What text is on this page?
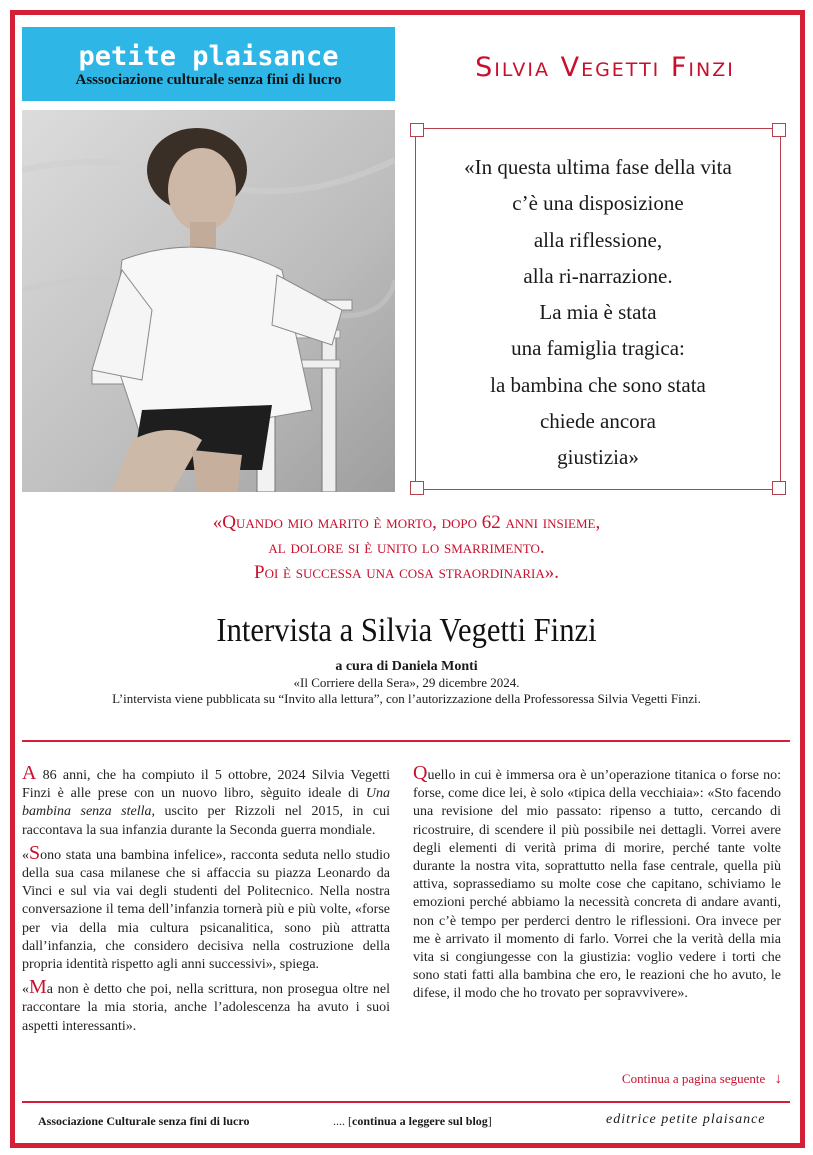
petite plaisance
Asssociazione culturale senza fini di lucro	Silvia Vegetti Finzi
«In questa ultima fase della vita
c’è una disposizione
alla riflessione,
alla ri-narrazione.
La mia è stata
una famiglia tragica:
la bambina che sono stata
chiede ancora
giustizia»
«Quando mio marito è morto, dopo 62 anni insieme,
al dolore si è unito lo smarrimento.
Poi è successa una cosa straordinaria».
Intervista a Silvia Vegetti Finzi
a cura di Daniela Monti
«Il Corriere della Sera», 29 dicembre 2024.
L’intervista viene pubblicata su “Invito alla lettura”, con l’autorizzazione della Professoressa Silvia Vegetti Finzi.

A 86 anni, che ha compiuto il 5 ottobre, 2024 Silvia Vegetti Finzi è alle prese con un nuovo libro, sèguito ideale di Una bambina senza stella, uscito per Rizzoli nel 2015, in cui raccontava la sua infanzia durante la Seconda guerra mondiale.

«Sono stata una bambina infelice», racconta seduta nello studio della sua casa milanese che si affaccia su piazza Leonardo da Vinci e sul via vai degli studenti del Politecnico. Nella nostra conversazione il tema dell’infanzia tornerà più e più volte, «forse per via della mia cultura psicanalitica, sono più attratta dall’infanzia, che considero decisiva nella costruzione della propria identità rispetto agli anni successivi», spiega.

«Ma non è detto che poi, nella scrittura, non prosegua oltre nel raccontare la mia storia, anche l’adolescenza ha avuto i suoi aspetti interessanti».

Quello in cui è immersa ora è un’operazione titanica o forse no: forse, come dice lei, è solo «tipica della vecchiaia»: «Sto facendo una revisione del mio passato: ripenso a tutto, cercando di ricostruire, di scendere il più possibile nei dettagli. Vorrei avere degli elementi di verità prima di morire, perché tante volte durante la nostra vita, soprattutto nella fase centrale, quella più attiva, soprassediamo su molte cose che capitano, schiviamo le emozioni perché abbiamo la necessità concreta di andare avanti, non c’è tempo per perderci dentro le riflessioni. Ora invece per me è arrivato il momento di farlo. Vorrei che la verità della mia vita si congiungesse con la giustizia: voglio vedere i torti che sono stati fatti alla bambina che ero, le reazioni che ho avuto, le difese, il modo che ho trovato per sopravvivere».

Continua a pagina seguente ↓
Associazione Culturale senza fini di lucro	.... [continua a leggere sul blog]	editrice petite plaisance
